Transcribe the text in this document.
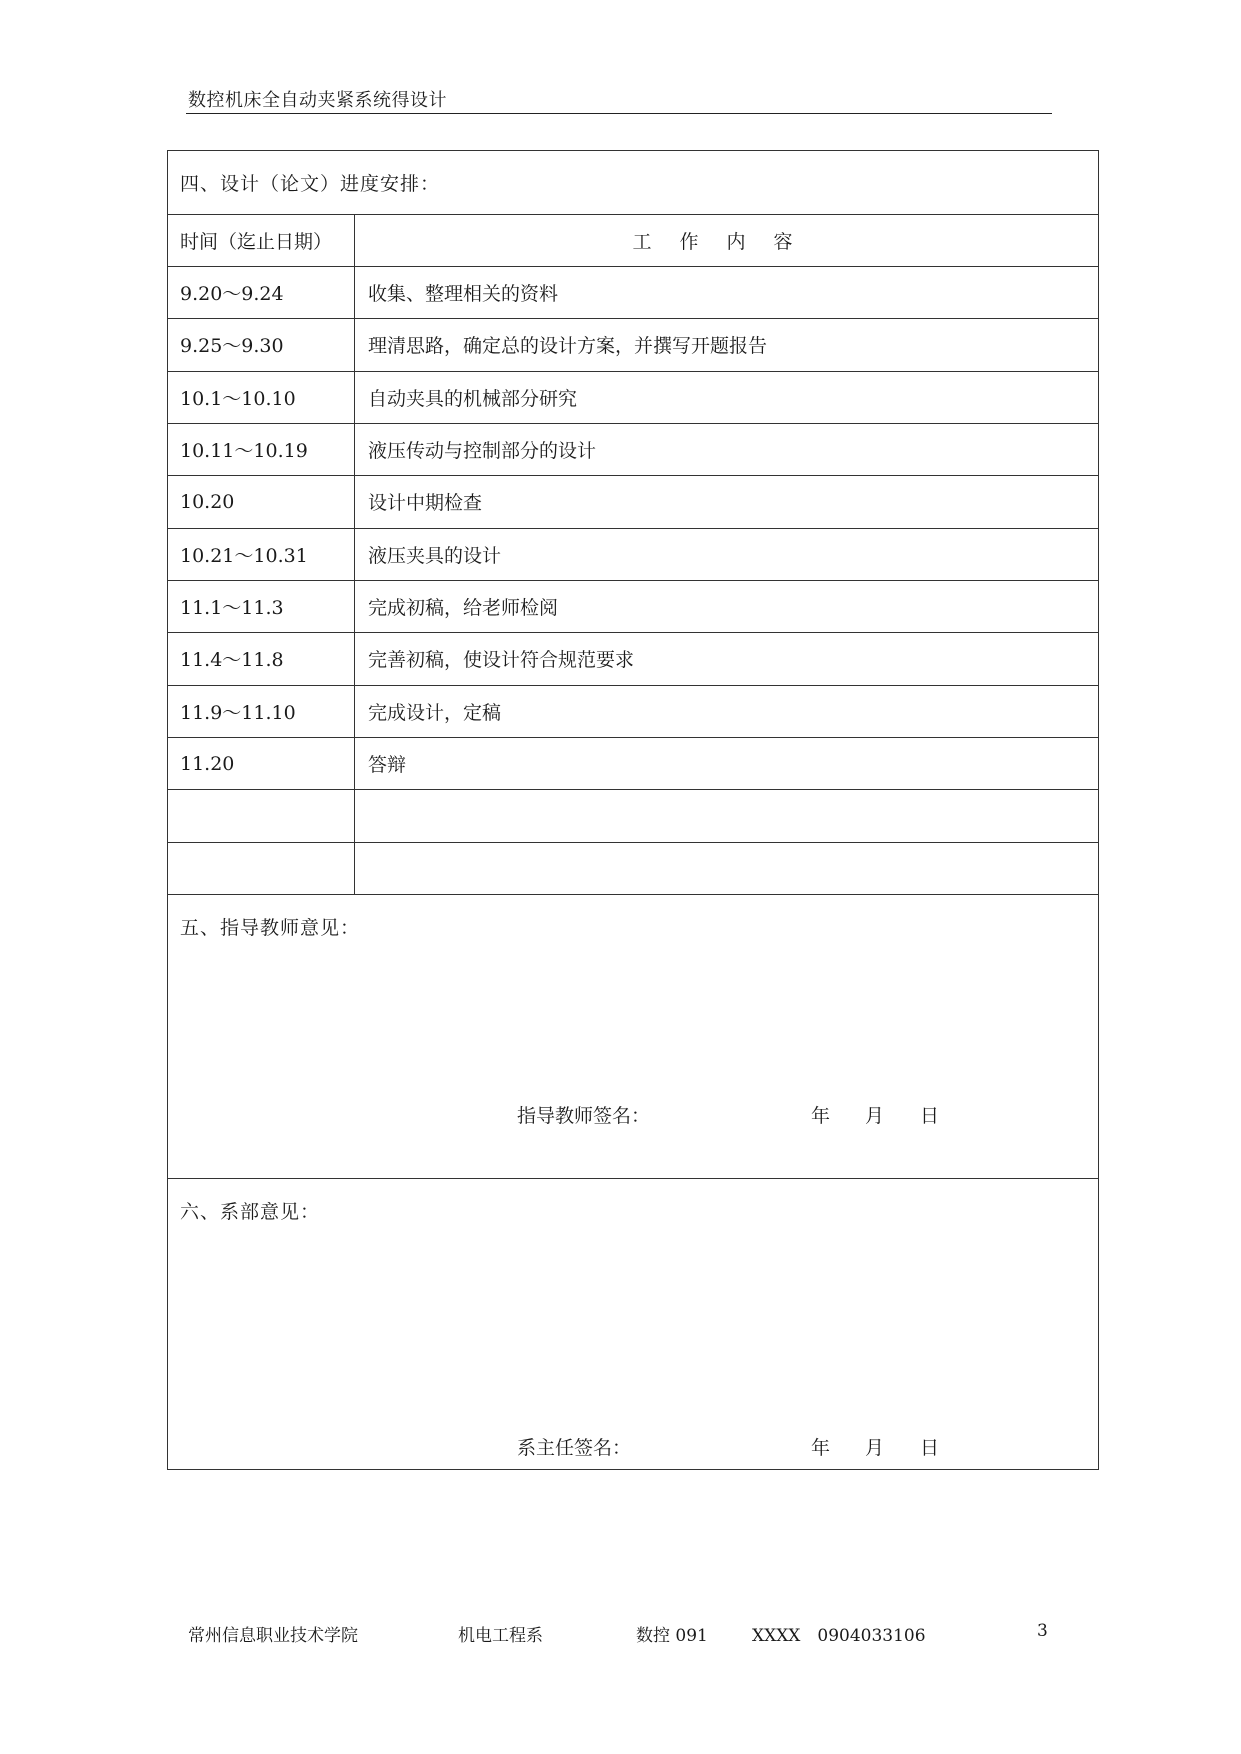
数控机床全自动夹紧系统得设计
四、设计（论文）进度安排：
时间（迄止日期）	工作内容
9.20～9.24	收集、整理相关的资料
9.25～9.30	理清思路，确定总的设计方案，并撰写开题报告
10.1～10.10	自动夹具的机械部分研究
10.11～10.19	液压传动与控制部分的设计
10.20	设计中期检查
10.21～10.31	液压夹具的设计
11.1～11.3	完成初稿，给老师检阅
11.4～11.8	完善初稿，使设计符合规范要求
11.9～11.10	完成设计，定稿
11.20	答辩
五、指导教师意见：
指导教师签名：	年 月 日
六、系部意见：
系主任签名：	年 月 日
常州信息职业技术学院	机电工程系	数控 091	XXXX　0904033106	3
